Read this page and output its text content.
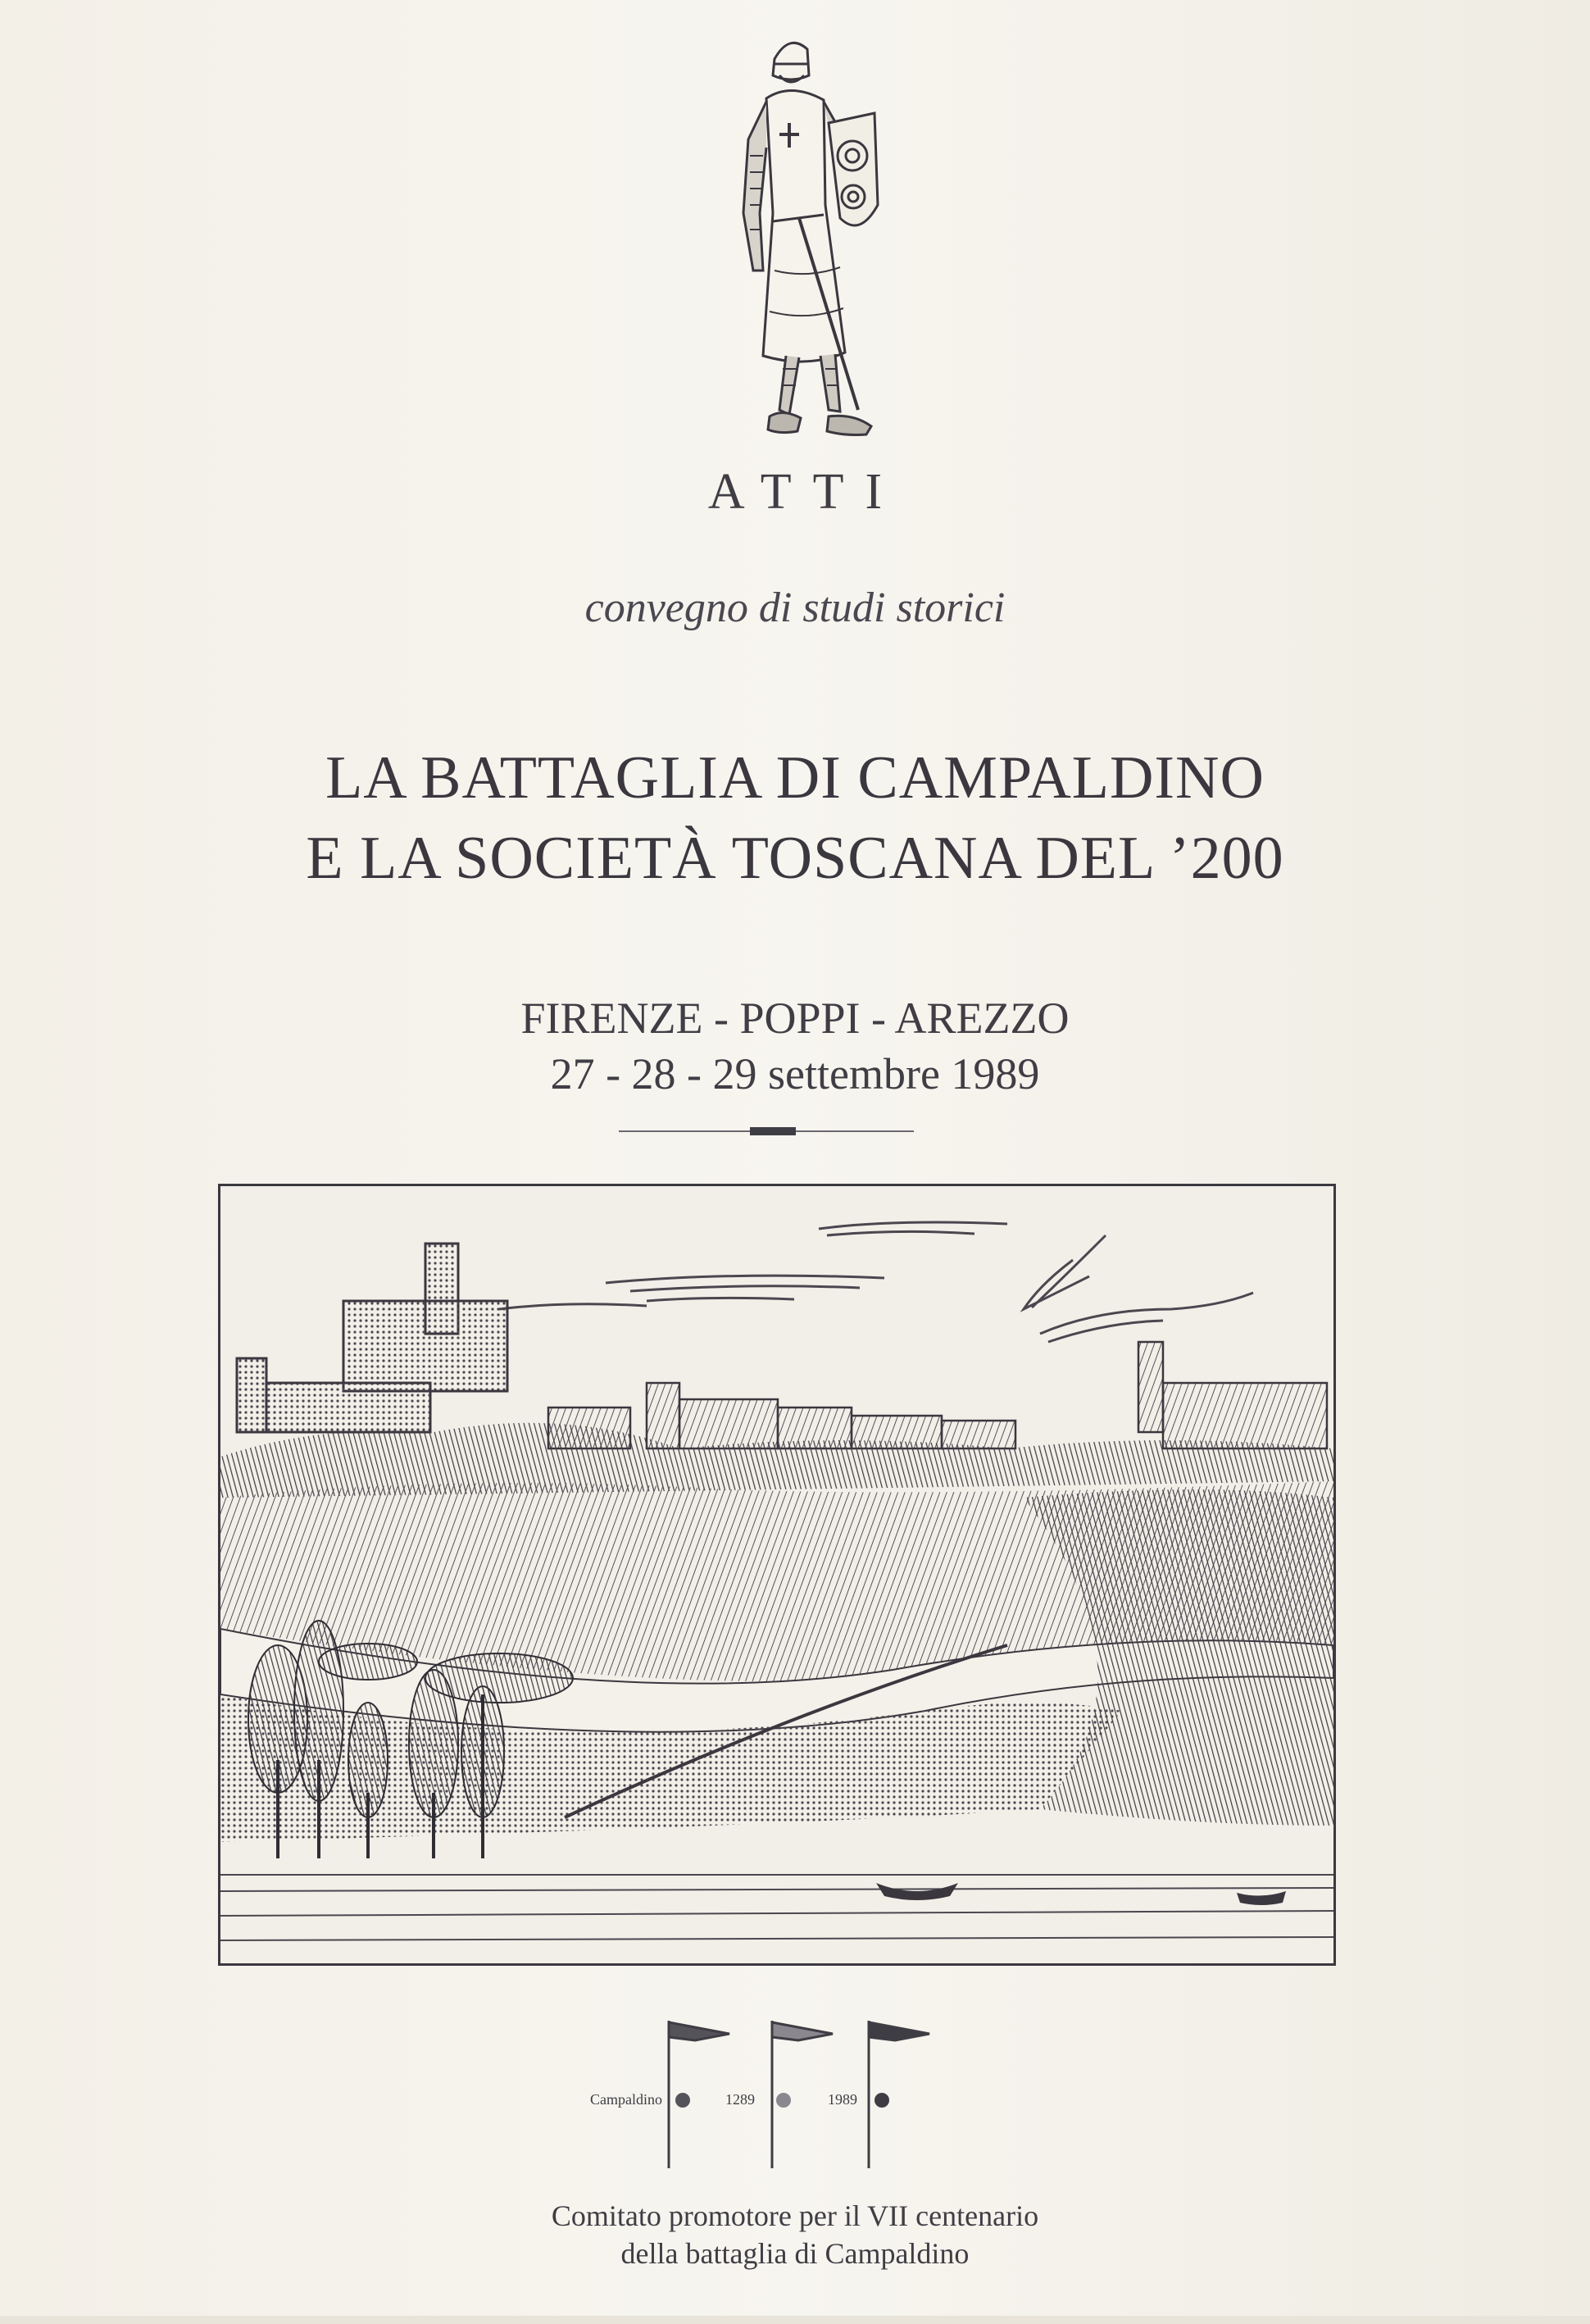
ATTI
convegno di studi storici
LA BATTAGLIA DI CAMPALDINO
E LA SOCIETÀ TOSCANA DEL ’200
FIRENZE - POPPI - AREZZO
27 - 28 - 29 settembre 1989
Campaldino	1289	1989
Comitato promotore per il VII centenario
della battaglia di Campaldino
